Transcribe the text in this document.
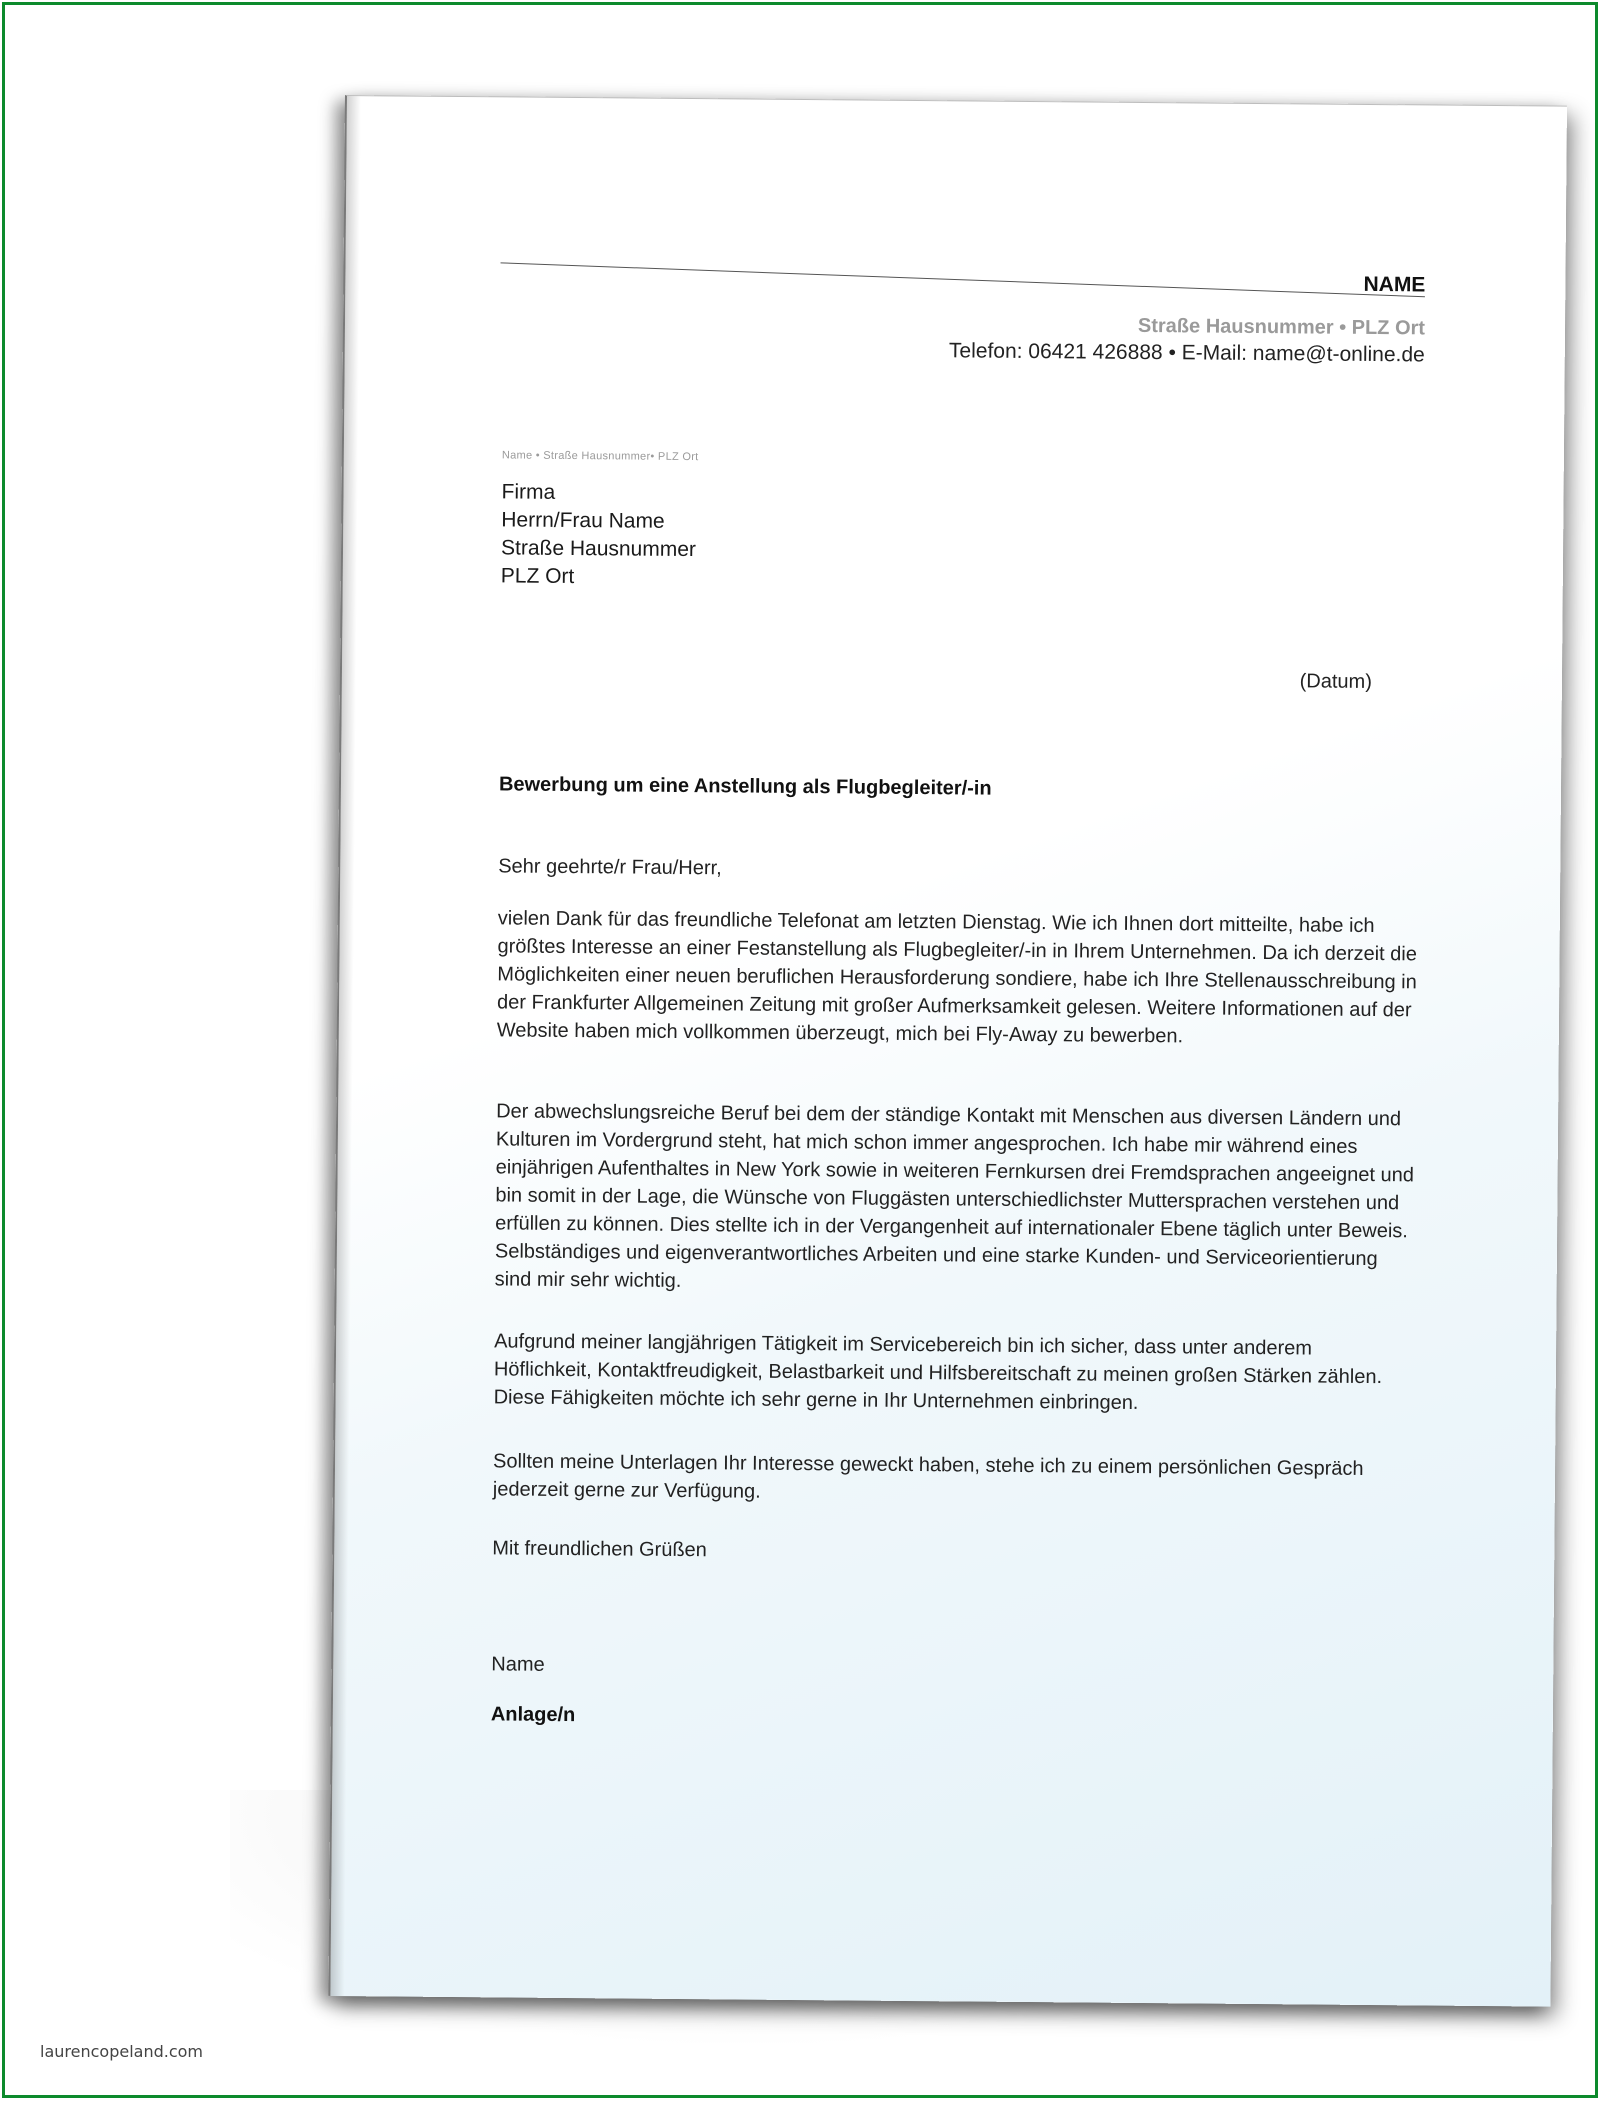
NAME
Straße Hausnummer • PLZ Ort
Telefon: 06421 426888 • E-Mail: name@t-online.de
Name • Straße Hausnummer• PLZ Ort
Firma
Herrn/Frau Name
Straße Hausnummer
PLZ Ort
(Datum)
Bewerbung um eine Anstellung als Flugbegleiter/-in
Sehr geehrte/r Frau/Herr,
vielen Dank für das freundliche Telefonat am letzten Dienstag. Wie ich Ihnen dort mitteilte, habe ich größtes Interesse an einer Festanstellung als Flugbegleiter/-in in Ihrem Unternehmen. Da ich derzeit die Möglichkeiten einer neuen beruflichen Herausforderung sondiere, habe ich Ihre Stellenausschreibung in der Frankfurter Allgemeinen Zeitung mit großer Aufmerksamkeit gelesen. Weitere Informationen auf der Website haben mich vollkommen überzeugt, mich bei Fly-Away zu bewerben.
Der abwechslungsreiche Beruf bei dem der ständige Kontakt mit Menschen aus diversen Ländern und Kulturen im Vordergrund steht, hat mich schon immer angesprochen. Ich habe mir während eines einjährigen Aufenthaltes in New York sowie in weiteren Fernkursen drei Fremdsprachen angeeignet und bin somit in der Lage, die Wünsche von Fluggästen unterschiedlichster Muttersprachen verstehen und erfüllen zu können. Dies stellte ich in der Vergangenheit auf internationaler Ebene täglich unter Beweis. Selbständiges und eigenverantwortliches Arbeiten und eine starke Kunden- und Serviceorientierung sind mir sehr wichtig.
Aufgrund meiner langjährigen Tätigkeit im Servicebereich bin ich sicher, dass unter anderem Höflichkeit, Kontaktfreudigkeit, Belastbarkeit und Hilfsbereitschaft zu meinen großen Stärken zählen. Diese Fähigkeiten möchte ich sehr gerne in Ihr Unternehmen einbringen.
Sollten meine Unterlagen Ihr Interesse geweckt haben, stehe ich zu einem persönlichen Gespräch jederzeit gerne zur Verfügung.
Mit freundlichen Grüßen
Name
Anlage/n
laurencopeland.com
